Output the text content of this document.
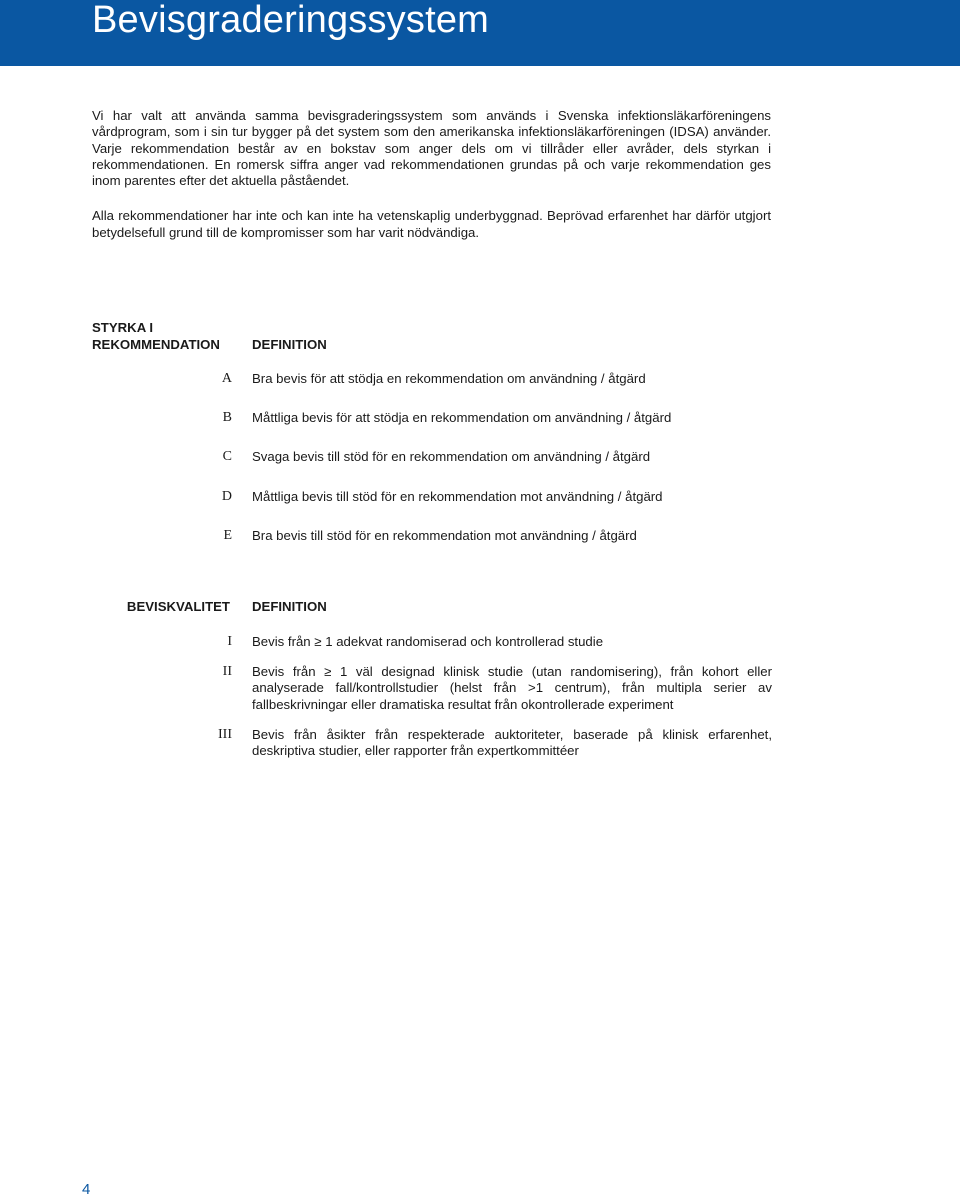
Bevisgraderingssystem

Vi har valt att använda samma bevisgraderingssystem som används i Svenska infektionsläkarföreningens vårdprogram, som i sin tur bygger på det system som den amerikanska infektionsläkarföreningen (IDSA) använder. Varje rekommendation består av en bokstav som anger dels om vi tillråder eller avråder, dels styrkan i rekommendationen. En romersk siffra anger vad rekommendationen grundas på och varje rekommendation ges inom parentes efter det aktuella påståendet.

Alla rekommendationer har inte och kan inte ha vetenskaplig underbyggnad. Beprövad erfarenhet har därför utgjort betydelsefull grund till de kompromisser som har varit nödvändiga.

STYRKA I
REKOMMENDATION DEFINITION
A Bra bevis för att stödja en rekommendation om användning / åtgärd
B Måttliga bevis för att stödja en rekommendation om användning / åtgärd
C Svaga bevis till stöd för en rekommendation om användning / åtgärd
D Måttliga bevis till stöd för en rekommendation mot användning / åtgärd
E Bra bevis till stöd för en rekommendation mot användning / åtgärd
BEVISKVALITET DEFINITION
I Bevis från ≥ 1 adekvat randomiserad och kontrollerad studie
II Bevis från ≥ 1 väl designad klinisk studie (utan randomisering), från kohort eller analyserade fall/kontrollstudier (helst från >1 centrum), från multipla serier av fallbeskrivningar eller dramatiska resultat från okontrollerade experiment
III Bevis från åsikter från respekterade auktoriteter, baserade på klinisk erfarenhet, deskriptiva studier, eller rapporter från expertkommittéer
4
